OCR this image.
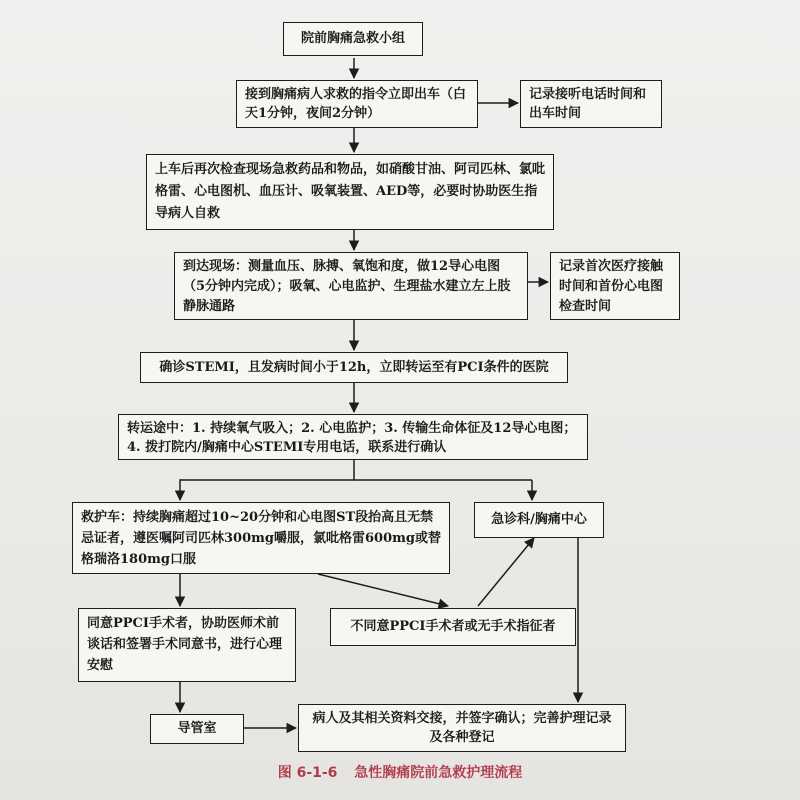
院前胸痛急救小组
接到胸痛病人求救的指令立即出车（白天1分钟，夜间2分钟）
记录接听电话时间和出车时间
上车后再次检查现场急救药品和物品，如硝酸甘油、阿司匹林、氯吡格雷、心电图机、血压计、吸氧装置、AED等，必要时协助医生指导病人自救
到达现场：测量血压、脉搏、氧饱和度，做12导心电图（5分钟内完成）；吸氧、心电监护、生理盐水建立左上肢静脉通路
记录首次医疗接触时间和首份心电图检查时间
确诊STEMI，且发病时间小于12h，立即转运至有PCI条件的医院
转运途中：1. 持续氧气吸入；2. 心电监护；3. 传输生命体征及12导心电图；4. 拨打院内/胸痛中心STEMI专用电话，联系进行确认
救护车：持续胸痛超过10~20分钟和心电图ST段抬高且无禁忌证者，遵医嘱阿司匹林300mg嚼服，氯吡格雷600mg或替格瑞洛180mg口服
急诊科/胸痛中心
同意PPCI手术者，协助医师术前谈话和签署手术同意书，进行心理安慰
不同意PPCI手术者或无手术指征者
导管室
病人及其相关资料交接，并签字确认；完善护理记录及各种登记
图 6-1-6 急性胸痛院前急救护理流程
